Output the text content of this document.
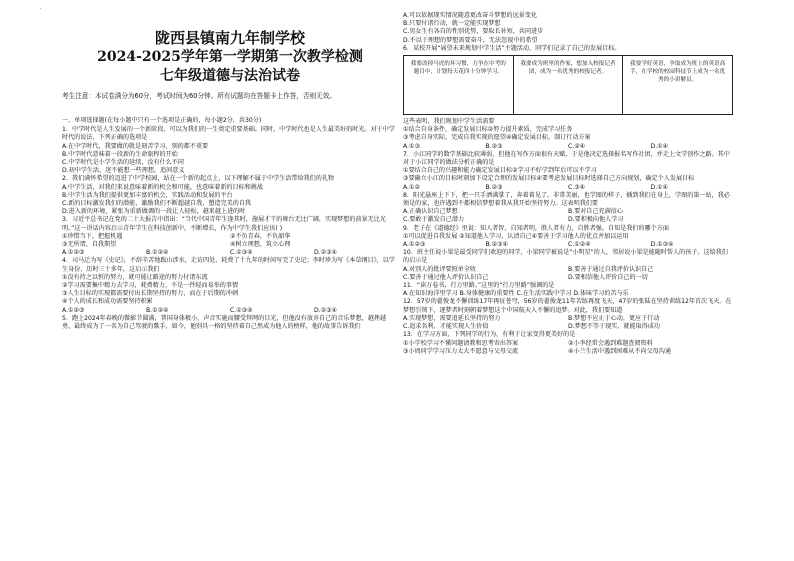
·
陇西县镇南九年制学校
2024-2025学年第一学期第一次教学检测
七年级道德与法治试卷

考生注意：本试卷满分为60分，考试时间为60分钟。所有试题均在答题卡上作答，否则无效。

一、单项选择题(在每小题中只有一个选项是正确的，每小题2分，共30分)

1．中学时代是人生发展的一个新阶段，可以为我们的一生奠定重要基础。同时，中学时代也是人生最美好的时光。对于中学时代的说法，下列正确的选项是

A.在中学时代，我要做的就是刻苦学习，别的都不重要

B.中学时代意味着一段新的生命旅程的开始

C.中学时代是小学生活的延续，没有什么不同

D.初中学生活，迷不能想一些理想，追问意义

2．我们满怀希望的迈进了中学校园，站在一个新的起点上，以下理解不属于中学生活带给我们的礼物

A.中学生活，对我们来说意味着新的机会和可能，也意味着新的目标和挑战

B.中学生活为我们提供更加丰富的机会，实践活动和发展的平台

C.新的目标激发我们的潜能，激励我们不断超越自我，塑造完美的自我

D.进入新的环境，紧张为重新做调的一段让人轻松，越来越上进的时

3．习近平总书记在党的二十大报告中指出：“当代中国青年生逢其时，施展才干的舞台无比广阔，实现梦想的前景无比光明。”这一讲话内容启示青年学生在科技创新中，不断增长，作为中学生我们应该( )

①珍惜当下，把握机遇	②不负青春，不负韶华
③无所谓，自我期望	④树立理想，筑立心理
A.①②③	B.①②④	C.①③④	D.②③④

4．司马迁为写《史记》，不辞辛苦地跋山涉水，走访四处，耗费了十九年的时间写完了史记；李时珍为写《本草纲目》，以学生身份，历时三十多年，这启示我们

①没有持之以恒的努力，就可能让路途的努力付诸东流

②学习需要集中精力去学习，耗费精力，不是一件轻而易举的事情

③人生目标的实现都需要付出长期坚持的努力，而在于后期的冲刺

④个人的成长和成功需要坚持积累

A.①②③	B.①②④	C.①③④	D.②③④

5．跑上2024年春晚的微影节圆满，普国身体极小，声音实施而腰受拜网的目光，但他没有放弃自己的音乐梦想，越挫越勇，最终成为了一名为自己驾驶的歌手，如今，他别具一格的坚持着自己然成为他人的榜样，他的故事告诉我们

A.可以依据现实情况随意更改奋斗梦想的远景变化

B.只要付诸行动，就一定能实现梦想

C.男女生有各自的性别优势，要取长补短、共同进步

D.不以于理想的梦想需要奋斗，无法忽视中的希望

6．某校开展“展望未来规划中学生活”主题活动，同学们记录了自己的发展目标。

我要改掉马虎的坏习惯，力争在中考的题目中，计划每天花四十分钟学习。
我要成为班里的作家，想加入校报记者团，成为一名优秀的校报记者。
我要学好英语，争取成为班上的英语高手，在学校的校园科技节上成为一名优秀的小讲解员。

这些表明，我们规划中学生活需要

①结合自身条件，确定发展目标②努力提升素质，完成学习任务

③考虑自身实际，完成自我实现的愿望④确定发展目标，制订行动方案

A.①③	B.②③	C.②④	D.①④

7．小江同学的数学基础比较薄弱，但他在写作方面很有天赋，于是他决定选择报名写作社团，并走上文学创作之路。其中对于小江同学的做法分析正确的是

①要结合自己的兴趣和能力确定发展目标②学习不好学到年后可以不学习

③要确立小江的目标时刻加下设定合理的发展目标④要考虑发展目标时选择自己方向规划，确定个人发展目标

A.①②	B.②③	C.③④	D.①④

8．阳光悬座上下下，把一只手洒满掌了，奔着着见了，非常美丽，也学图的样子，插到我们在身上，学图的第一站，我必须是的家，也许遇到不都相信梦想着我从我开始坚持努力。这表明我们要

A.正确认识自己梦想	B.要对自己充满信心
C.要敢于激发自己潜力	D.要积极向他人学习

9．老子在《道德经》里说：知人者智，自知者明，胜人者有力，自胜者强。自知是我们的哪个方面

①可以促进自我发展 ②知道他人学习，认清自己④要善于学习他人的优点并加以运用

A.①②③	B.②③④	C.①②④	D.①③④

10．班主任说小梁是最受同学们欢迎的同学，小梁同学被说是“小明星”的人，邻居说小梁是能随时帮人的孩子。这给我们的启示是

A.对别人的批评要照单全收	B.要善于通过自我评价认识自己
C.要善于通过他人评价认识自己	D.要相信他人评价自己的一切

11．“读万卷书，行万里路。”这里的“行万里路”强调的是

A.在知识海洋里学习 B.身体健康的重要性 C.在生活实践中学习 D.体味学习的苦与乐

12．57岁的翟俊龙不懈训练17年再征苍穹，56岁的翟俊龙11年苦练再度飞天，47岁的张陆在坚持训练12年首次飞天。在梦想引领下，逐梦者时刻朝着梦想这个中国航天人不懈的追梦。对此，我们要知道

A.实现梦想，需要追延长坚持的努力	B.梦想不应止于心动，更应于行动
C.追求名利，才能实现人生价值	D.梦想不等于现实，就能取得成功

13．在学习方面，下列同学的行为，有利于让家变得更美好的是

①小学校学习不懂问题请教和思考寄出答案	②小李经常会遇到难题查阅资料
③小周同学学习压力太大不愿意与父母交流	④小兰生活中遇到困难从不向父母沟通
